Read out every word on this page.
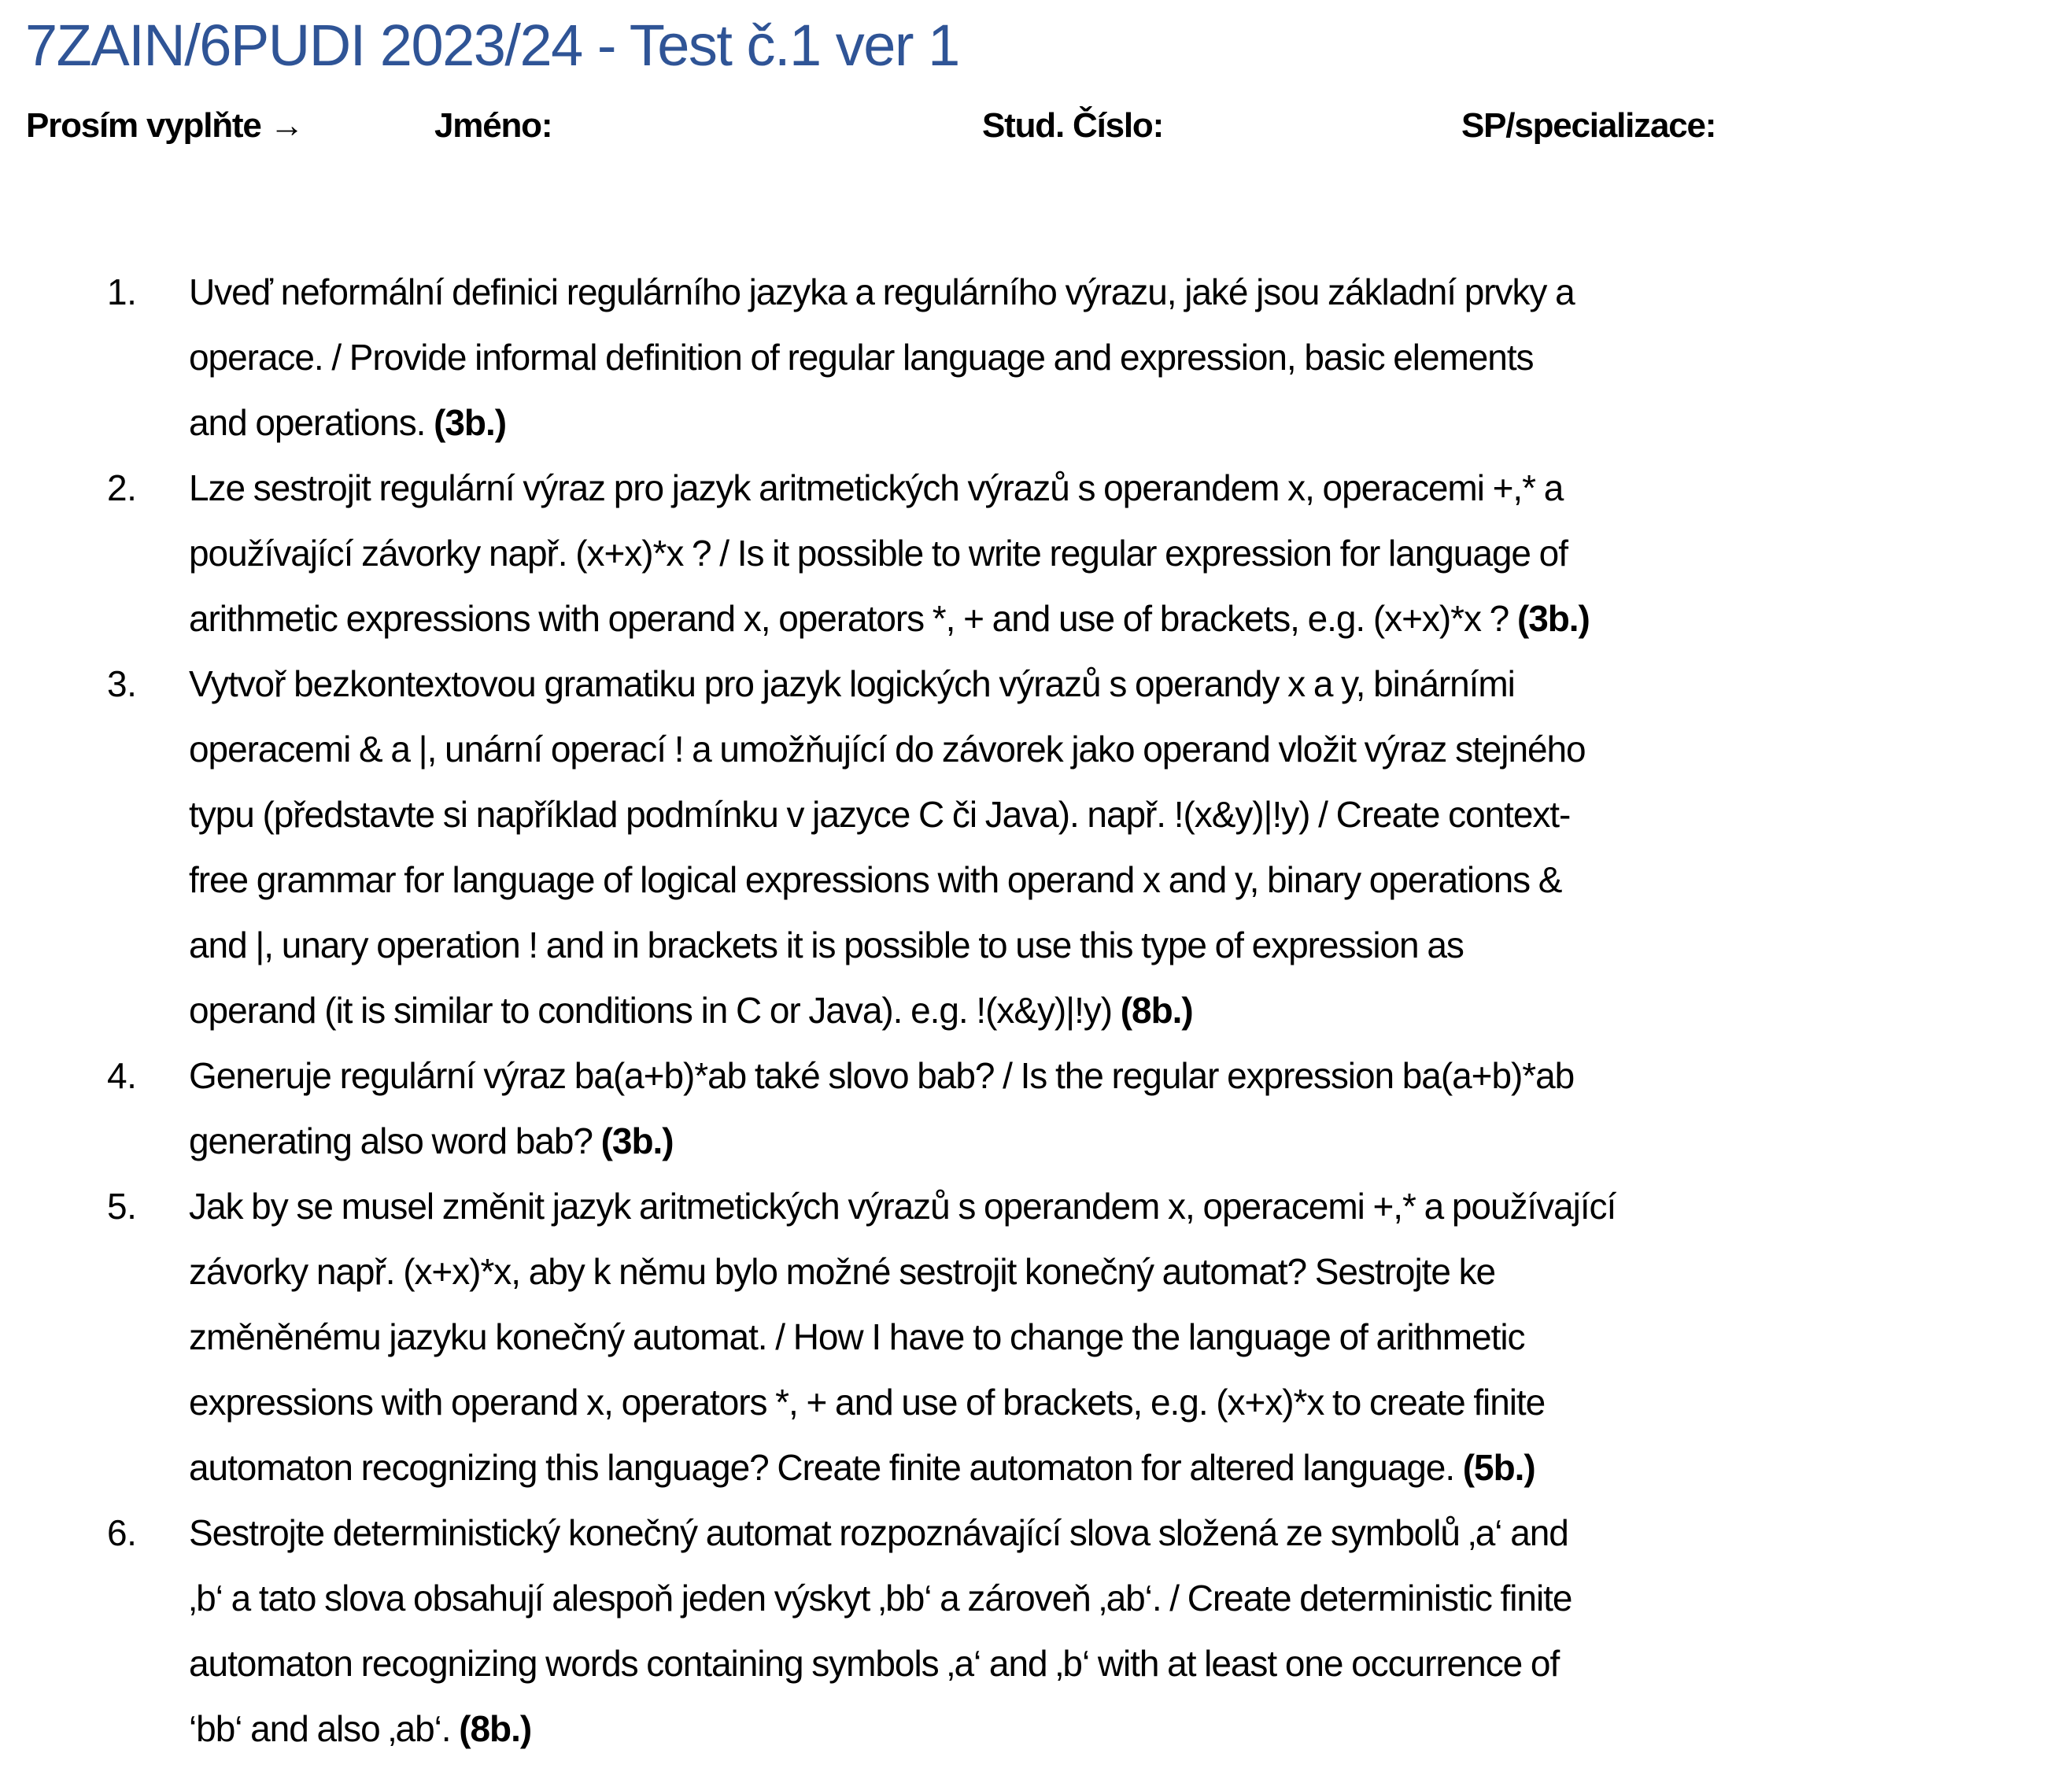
7ZAIN/6PUDI 2023/24 - Test č.1 ver 1
Prosím vyplňte →	Jméno:	Stud. Číslo:	SP/specializace:
1. Uveď neformální definici regulárního jazyka a regulárního výrazu, jaké jsou základní prvky a
operace. / Provide informal definition of regular language and expression, basic elements
and operations. (3b.)
2. Lze sestrojit regulární výraz pro jazyk aritmetických výrazů s operandem x, operacemi +,* a
používající závorky např. (x+x)*x ? / Is it possible to write regular expression for language of
arithmetic expressions with operand x, operators *, + and use of brackets, e.g. (x+x)*x ? (3b.)
3. Vytvoř bezkontextovou gramatiku pro jazyk logických výrazů s operandy x a y, binárními
operacemi & a |, unární operací ! a umožňující do závorek jako operand vložit výraz stejného
typu (představte si například podmínku v jazyce C či Java). např. !(x&y)|!y) / Create context-
free grammar for language of logical expressions with operand x and y, binary operations &
and |, unary operation ! and in brackets it is possible to use this type of expression as
operand (it is similar to conditions in C or Java). e.g. !(x&y)|!y) (8b.)
4. Generuje regulární výraz ba(a+b)*ab také slovo bab? / Is the regular expression ba(a+b)*ab
generating also word bab? (3b.)
5. Jak by se musel změnit jazyk aritmetických výrazů s operandem x, operacemi +,* a používající
závorky např. (x+x)*x, aby k němu bylo možné sestrojit konečný automat? Sestrojte ke
změněnému jazyku konečný automat. / How I have to change the language of arithmetic
expressions with operand x, operators *, + and use of brackets, e.g. (x+x)*x to create finite
automaton recognizing this language? Create finite automaton for altered language. (5b.)
6. Sestrojte deterministický konečný automat rozpoznávající slova složená ze symbolů ‚a‘ and
‚b‘ a tato slova obsahují alespoň jeden výskyt ‚bb‘ a zároveň ‚ab‘. / Create deterministic finite
automaton recognizing words containing symbols ‚a‘ and ‚b‘ with at least one occurrence of
‘bb‘ and also ‚ab‘. (8b.)
